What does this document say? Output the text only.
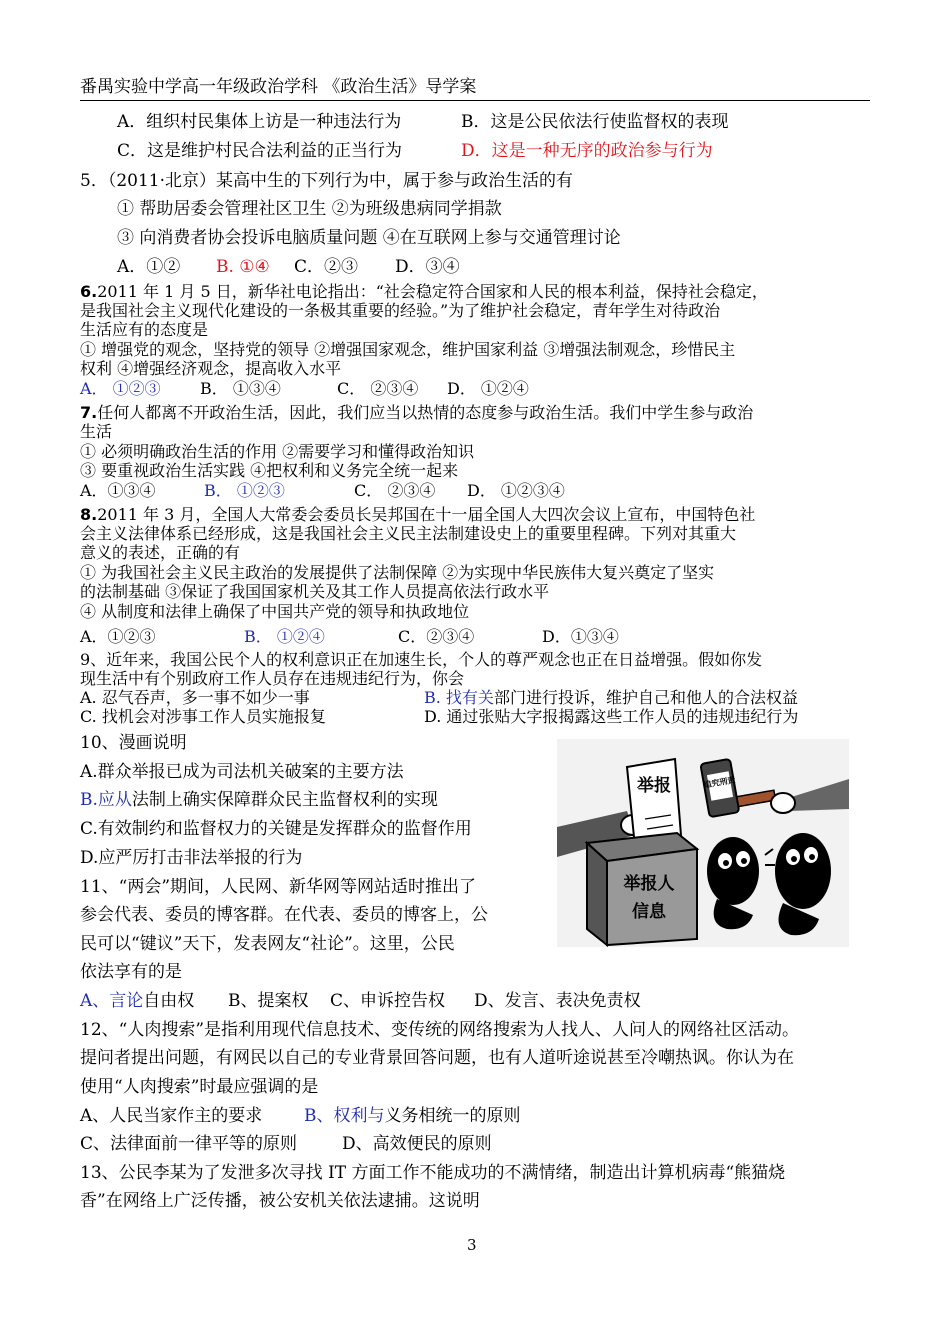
番禺实验中学高一年级政治学科 《政治生活》导学案
A．组织村民集体上访是一种违法行为	B．这是公民依法行使监督权的表现
C．这是维护村民合法利益的正当行为	D．这是一种无序的政治参与行为
5．（2011·北京）某高中生的下列行为中，属于参与政治生活的有
① 帮助居委会管理社区卫生 ②为班级患病同学捐款
③ 向消费者协会投诉电脑质量问题 ④在互联网上参与交通管理讨论
A．①② B. ①④ C．②③ D．③④
6.2011 年 1 月 5 日，新华社电论指出：“社会稳定符合国家和人民的根本利益，保持社会稳定，
是我国社会主义现代化建设的一条极其重要的经验。”为了维护社会稳定，青年学生对待政治
生活应有的态度是
① 增强党的观念，坚持党的领导 ②增强国家观念，维护国家利益 ③增强法制观念，珍惜民主
权利 ④增强经济观念，提高收入水平
A． ①②③ B． ①③④	C． ②③④ D． ①②④
7.任何人都离不开政治生活，因此，我们应当以热情的态度参与政治生活。我们中学生参与政治
生活
① 必须明确政治生活的作用 ②需要学习和懂得政治知识
③ 要重视政治生活实践 ④把权利和义务完全统一起来
A．①③④	B． ①②③	C． ②③④ D． ①②③④
8.2011 年 3 月，全国人大常委会委员长吴邦国在十一届全国人大四次会议上宣布，中国特色社
会主义法律体系已经形成，这是我国社会主义民主法制建设史上的重要里程碑。下列对其重大
意义的表述，正确的有
① 为我国社会主义民主政治的发展提供了法制保障 ②为实现中华民族伟大复兴奠定了坚实
的法制基础 ③保证了我国国家机关及其工作人员提高依法行政水平
④ 从制度和法律上确保了中国共产党的领导和执政地位
A．①②③	B． ①②④	C．②③④	D．①③④
9、近年来，我国公民个人的权利意识正在加速生长，个人的尊严观念也正在日益增强。假如你发
现生活中有个别政府工作人员存在违规违纪行为，你会
A. 忍气吞声，多一事不如少一事	B. 找有关部门进行投诉，维护自己和他人的合法权益
C. 找机会对涉事工作人员实施报复	D. 通过张贴大字报揭露这些工作人员的违规违纪行为
10、漫画说明
A.群众举报已成为司法机关破案的主要方法
B.应从法制上确实保障群众民主监督权利的实现
C.有效制约和监督权力的关键是发挥群众的监督作用
D.应严厉打击非法举报的行为
举报
举报人
信息
追究刑责
11、“两会”期间，人民网、新华网等网站适时推出了
参会代表、委员的博客群。在代表、委员的博客上，公
民可以“键议”天下，发表网友“社论”。这里，公民
依法享有的是
A、言论自由权 B、提案权 C、申诉控告权 D、发言、表决免责权
12、“人肉搜索”是指利用现代信息技术、变传统的网络搜索为人找人、人问人的网络社区活动。
提问者提出问题，有网民以自己的专业背景回答问题，也有人道听途说甚至冷嘲热讽。你认为在
使用“人肉搜索”时最应强调的是
A、人民当家作主的要求 B、权利与义务相统一的原则
C、法律面前一律平等的原则	D、高效便民的原则
13、公民李某为了发泄多次寻找 IT 方面工作不能成功的不满情绪，制造出计算机病毒“熊猫烧
香”在网络上广泛传播，被公安机关依法逮捕。这说明
3
